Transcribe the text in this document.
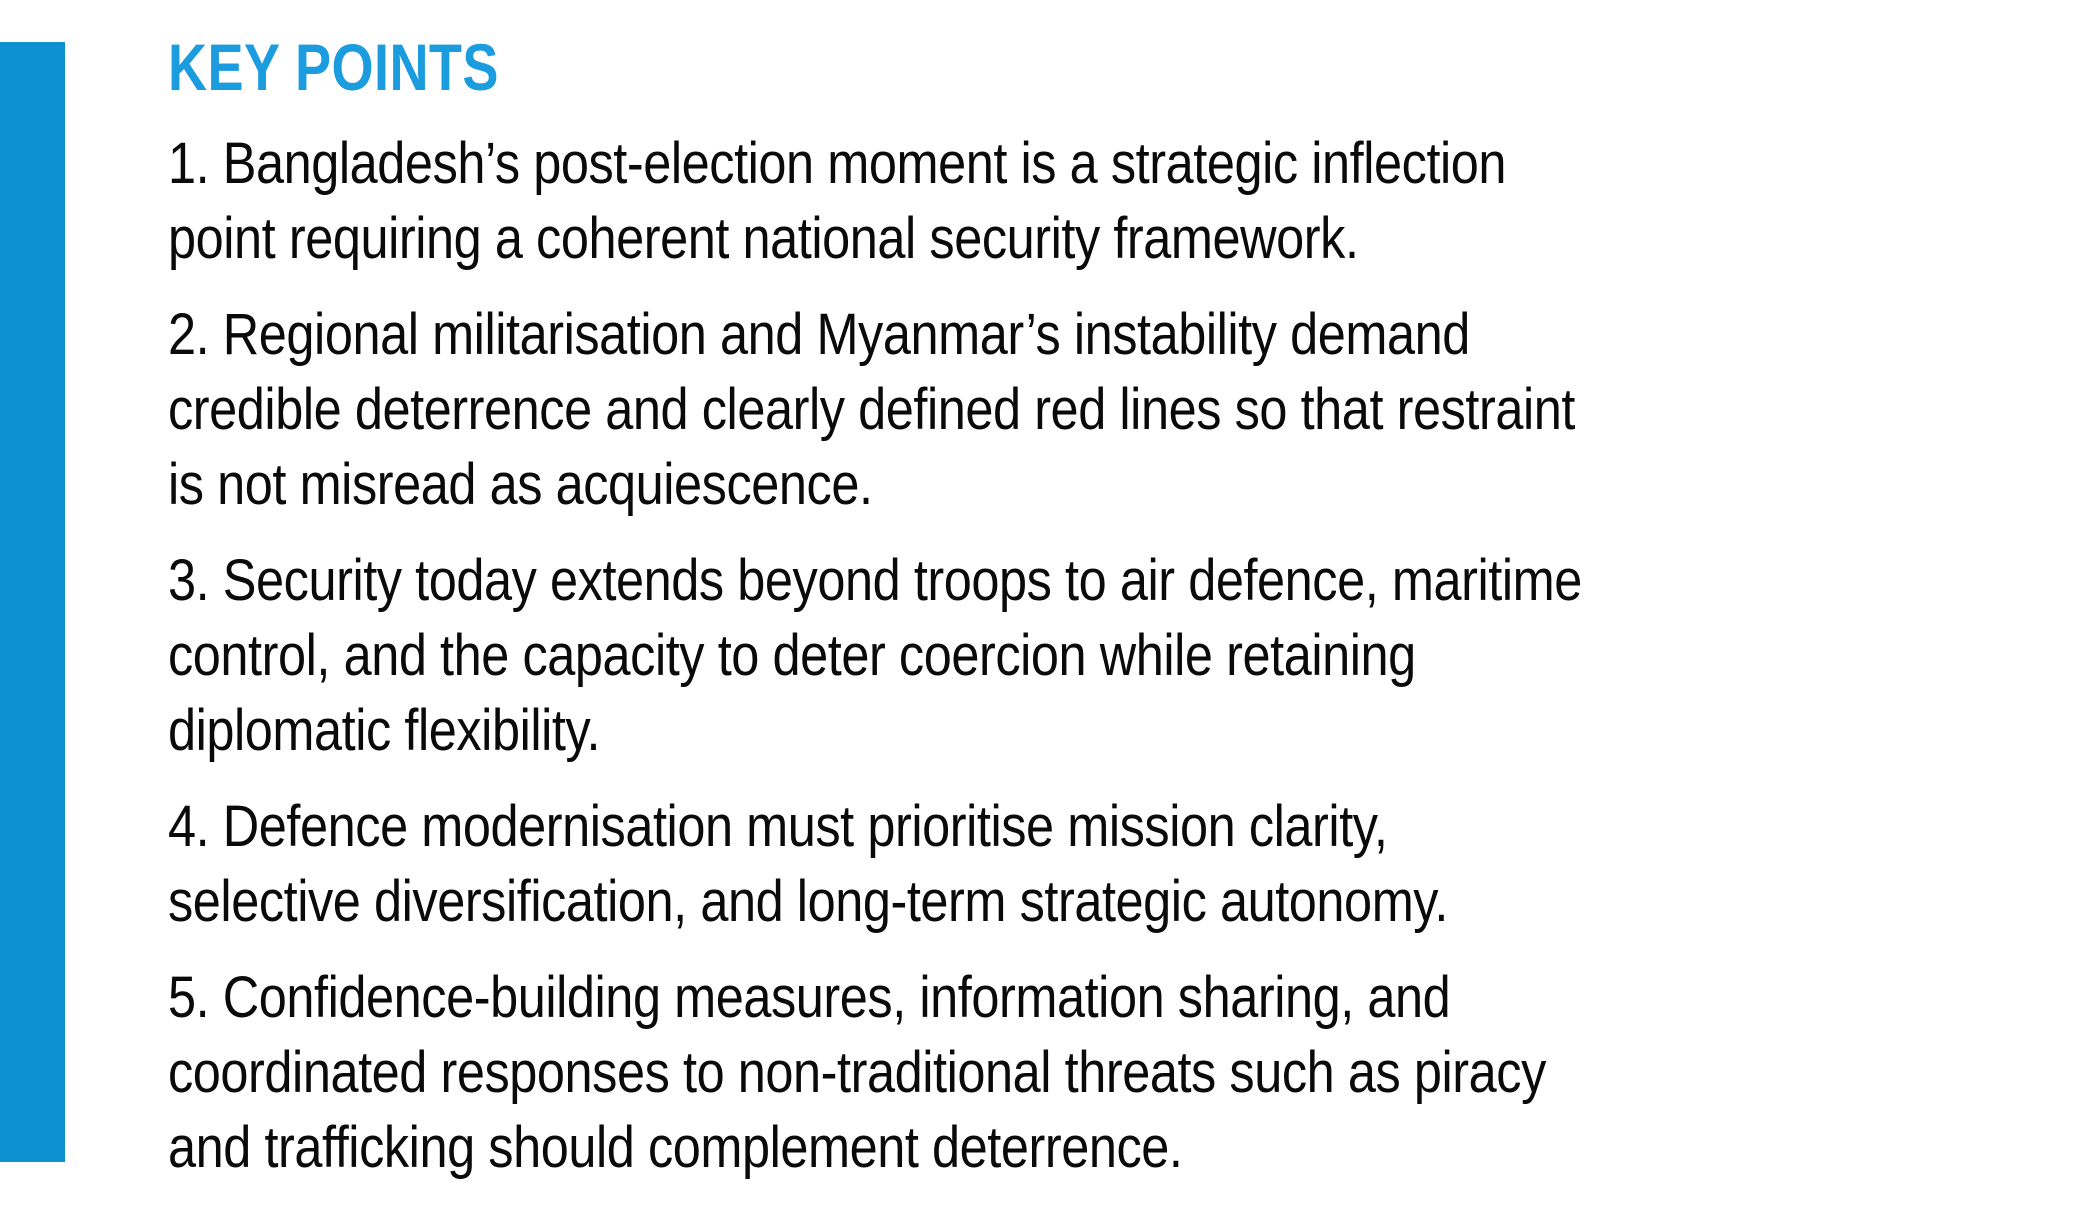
KEY POINTS
1. Bangladesh’s post-election moment is a strategic inflection
point requiring a coherent national security framework.
2. Regional militarisation and Myanmar’s instability demand
credible deterrence and clearly defined red lines so that restraint
is not misread as acquiescence.
3. Security today extends beyond troops to air defence, maritime
control, and the capacity to deter coercion while retaining
diplomatic flexibility.
4. Defence modernisation must prioritise mission clarity,
selective diversification, and long-term strategic autonomy.
5. Confidence-building measures, information sharing, and
coordinated responses to non-traditional threats such as piracy
and trafficking should complement deterrence.
